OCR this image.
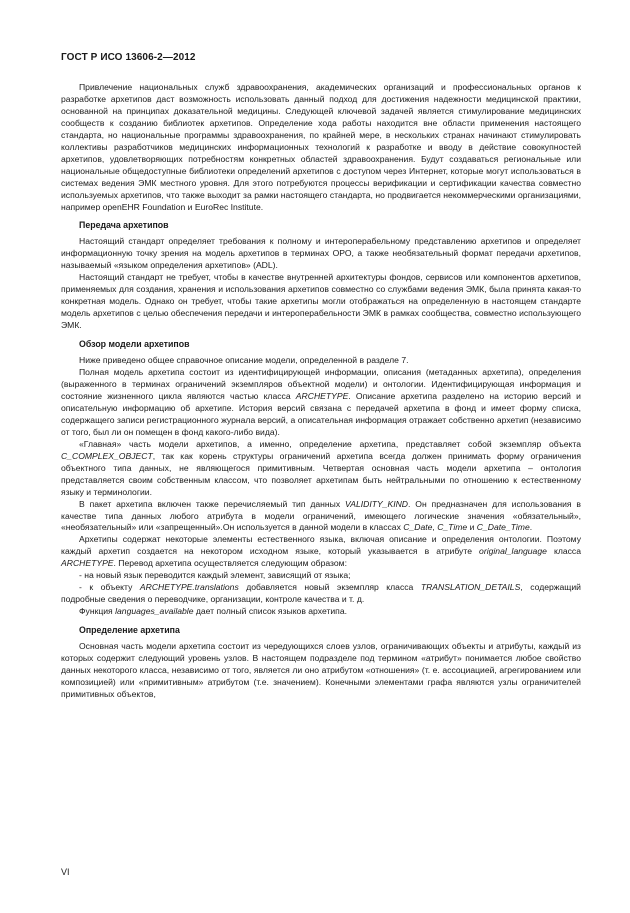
ГОСТ Р ИСО 13606-2—2012

Привлечение национальных служб здравоохранения, академических организаций и профессиональных органов к разработке архетипов даст возможность использовать данный подход для достижения надежности медицинской практики, основанной на принципах доказательной медицины. Следующей ключевой задачей является стимулирование медицинских сообществ к созданию библиотек архетипов. Определение хода работы находится вне области применения настоящего стандарта, но национальные программы здравоохранения, по крайней мере, в нескольких странах начинают стимулировать коллективы разработчиков медицинских информационных технологий к разработке и вводу в действие совокупностей архетипов, удовлетворяющих потребностям конкретных областей здравоохранения. Будут создаваться региональные или национальные общедоступные библиотеки определений архетипов с доступом через Интернет, которые могут использоваться в системах ведения ЭМК местного уровня. Для этого потребуются процессы верификации и сертификации качества совместно используемых архетипов, что также выходит за рамки настоящего стандарта, но продвигается некоммерческими организациями, например openEHR Foundation и EuroRec Institute.

Передача архетипов

Настоящий стандарт определяет требования к полному и интероперабельному представлению архетипов и определяет информационную точку зрения на модель архетипов в терминах ОРО, а также необязательный формат передачи архетипов, называемый «языком определения архетипов» (ADL).

Настоящий стандарт не требует, чтобы в качестве внутренней архитектуры фондов, сервисов или компонентов архетипов, применяемых для создания, хранения и использования архетипов совместно со службами ведения ЭМК, была принята какая-то конкретная модель. Однако он требует, чтобы такие архетипы могли отображаться на определенную в настоящем стандарте модель архетипов с целью обеспечения передачи и интероперабельности ЭМК в рамках сообщества, совместно использующего ЭМК.

Обзор модели архетипов

Ниже приведено общее справочное описание модели, определенной в разделе 7.

Полная модель архетипа состоит из идентифицирующей информации, описания (метаданных архетипа), определения (выраженного в терминах ограничений экземпляров объектной модели) и онтологии. Идентифицирующая информация и состояние жизненного цикла являются частью класса ARCHETYPE. Описание архетипа разделено на историю версий и описательную информацию об архетипе. История версий связана с передачей архетипа в фонд и имеет форму списка, содержащего записи регистрационного журнала версий, а описательная информация отражает собственно архетип (независимо от того, был ли он помещен в фонд какого-либо вида).

«Главная» часть модели архетипов, а именно, определение архетипа, представляет собой экземпляр объекта C_COMPLEX_OBJECT, так как корень структуры ограничений архетипа всегда должен принимать форму ограничения объектного типа данных, не являющегося примитивным. Четвертая основная часть модели архетипа – онтология представляется своим собственным классом, что позволяет архетипам быть нейтральными по отношению к естественному языку и терминологии.

В пакет архетипа включен также перечисляемый тип данных VALIDITY_KIND. Он предназначен для использования в качестве типа данных любого атрибута в модели ограничений, имеющего логические значения «обязательный», «необязательный» или «запрещенный».Он используется в данной модели в классах C_Date, C_Time и C_Date_Time.

Архетипы содержат некоторые элементы естественного языка, включая описание и определения онтологии. Поэтому каждый архетип создается на некотором исходном языке, который указывается в атрибуте original_language класса ARCHETYPE. Перевод архетипа осуществляется следующим образом:

- на новый язык переводится каждый элемент, зависящий от языка;

- к объекту ARCHETYPE.translations добавляется новый экземпляр класса TRANSLATION_DETAILS, содержащий подробные сведения о переводчике, организации, контроле качества и т. д.

Функция languages_available дает полный список языков архетипа.

Определение архетипа

Основная часть модели архетипа состоит из чередующихся слоев узлов, ограничивающих объекты и атрибуты, каждый из которых содержит следующий уровень узлов. В настоящем подразделе под термином «атрибут» понимается любое свойство данных некоторого класса, независимо от того, является ли оно атрибутом «отношения» (т. е. ассоциацией, агрегированием или композицией) или «примитивным» атрибутом (т.е. значением). Конечными элементами графа являются узлы ограничителей примитивных объектов,

VI
